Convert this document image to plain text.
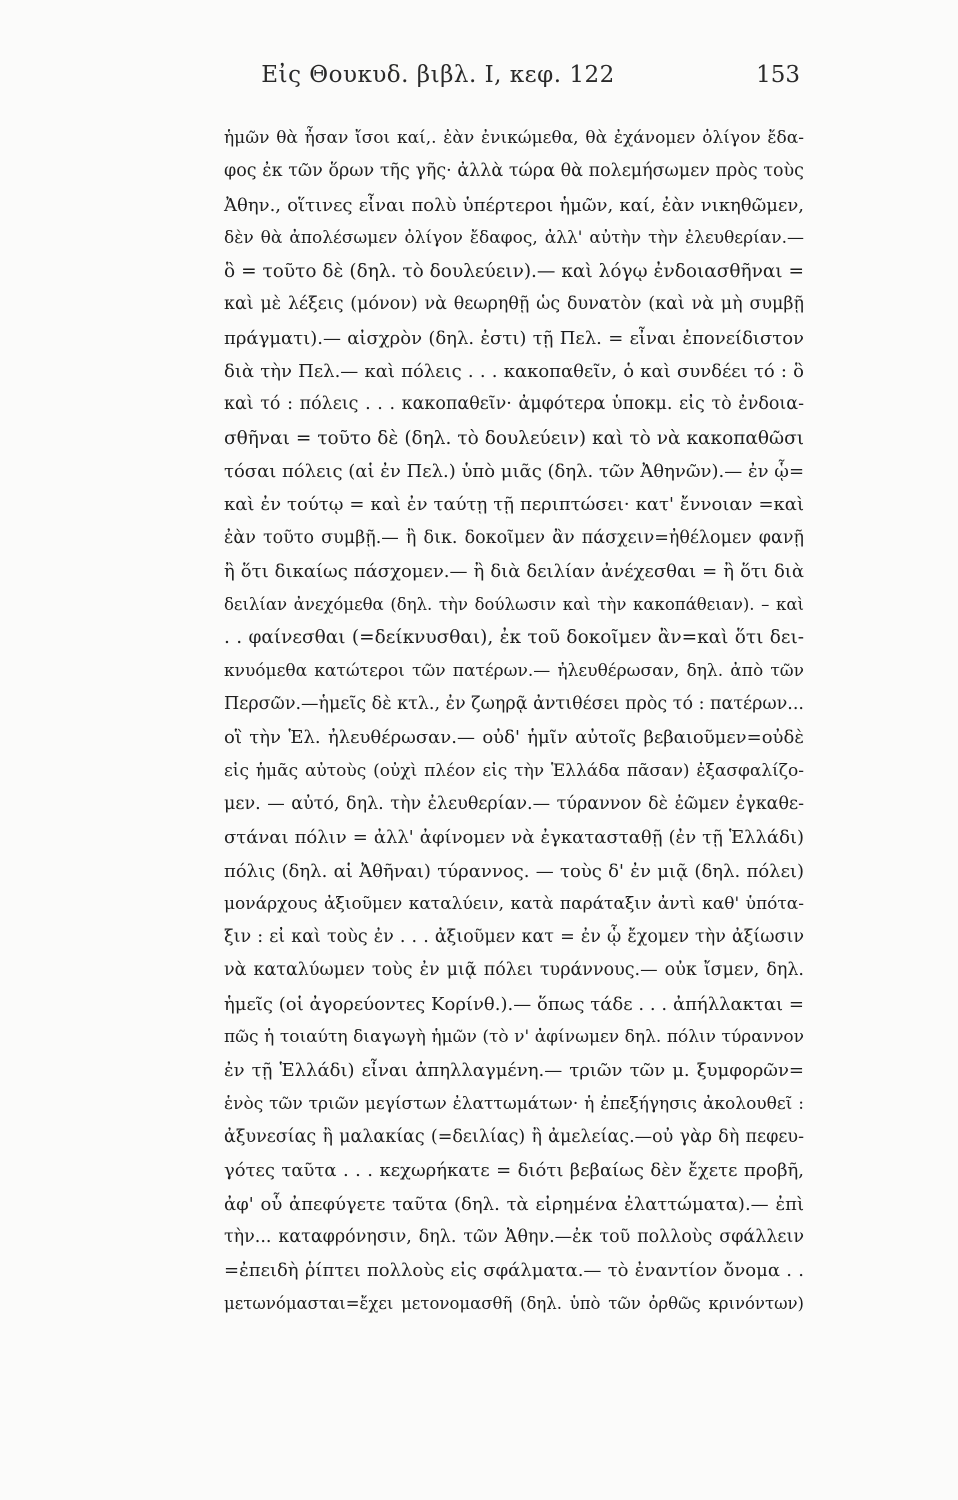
Εἰς Θουκυδ. βιβλ. I, κεφ. 122	153
ἡμῶν θὰ ἦσαν ἴσοι καί,. ἐὰν ἐνικώμεθα, θὰ ἐχάνομεν ὀλίγον ἔδα-
φος ἐκ τῶν ὅρων τῆς γῆς· ἀλλὰ τώρα θὰ πολεμήσωμεν πρὸς τοὺς
Ἀθην., οἵτινες εἶναι πολὺ ὑπέρτεροι ἡμῶν, καί, ἐὰν νικηθῶμεν,
δὲν θὰ ἀπολέσωμεν ὀλίγον ἔδαφος, ἀλλ' αὐτὴν τὴν ἐλευθερίαν.—
ὃ = τοῦτο δὲ (δηλ. τὸ δουλεύειν).— καὶ λόγῳ ἐνδοιασθῆναι =
καὶ μὲ λέξεις (μόνον) νὰ θεωρηθῇ ὡς δυνατὸν (καὶ νὰ μὴ συμβῇ
πράγματι).— αἰσχρὸν (δηλ. ἐστι) τῇ Πελ. = εἶναι ἐπονείδιστον
διὰ τὴν Πελ.— καὶ πόλεις . . . κακοπαθεῖν, ὁ καὶ συνδέει τό : ὃ
καὶ τό : πόλεις . . . κακοπαθεῖν· ἀμφότερα ὑποκμ. εἰς τὸ ἐνδοια-
σθῆναι = τοῦτο δὲ (δηλ. τὸ δουλεύειν) καὶ τὸ νὰ κακοπαθῶσι
τόσαι πόλεις (αἱ ἐν Πελ.) ὑπὸ μιᾶς (δηλ. τῶν Ἀθηνῶν).— ἐν ᾧ=
καὶ ἐν τούτῳ = καὶ ἐν ταύτῃ τῇ περιπτώσει· κατ' ἔννοιαν =καὶ
ἐὰν τοῦτο συμβῇ.— ἢ δικ. δοκοῖμεν ἂν πάσχειν=ἠθέλομεν φανῇ
ἢ ὅτι δικαίως πάσχομεν.— ἢ διὰ δειλίαν ἀνέχεσθαι = ἢ ὅτι διὰ
δειλίαν ἀνεχόμεθα (δηλ. τὴν δούλωσιν καὶ τὴν κακοπάθειαν). – καὶ
. . φαίνεσθαι (=δείκνυσθαι), ἐκ τοῦ δοκοῖμεν ἂν=καὶ ὅτι δει-
κνυόμεθα κατώτεροι τῶν πατέρων.— ἠλευθέρωσαν, δηλ. ἀπὸ τῶν
Περσῶν.—ἡμεῖς δὲ κτλ., ἐν ζωηρᾷ ἀντιθέσει πρὸς τό : πατέρων...
οἳ τὴν Ἑλ. ἠλευθέρωσαν.— οὐδ' ἡμῖν αὐτοῖς βεβαιοῦμεν=οὐδὲ
εἰς ἡμᾶς αὐτοὺς (οὐχὶ πλέον εἰς τὴν Ἑλλάδα πᾶσαν) ἐξασφαλίζο-
μεν. — αὐτό, δηλ. τὴν ἐλευθερίαν.— τύραννον δὲ ἐῶμεν ἐγκαθε-
στάναι πόλιν = ἀλλ' ἀφίνομεν νὰ ἐγκατασταθῇ (ἐν τῇ Ἑλλάδι)
πόλις (δηλ. αἱ Ἀθῆναι) τύραννος. — τοὺς δ' ἐν μιᾷ (δηλ. πόλει)
μονάρχους ἀξιοῦμεν καταλύειν, κατὰ παράταξιν ἀντὶ καθ' ὑπότα-
ξιν : εἰ καὶ τοὺς ἐν . . . ἀξιοῦμεν κατ = ἐν ᾧ ἔχομεν τὴν ἀξίωσιν
νὰ καταλύωμεν τοὺς ἐν μιᾷ πόλει τυράννους.— οὐκ ἴσμεν, δηλ.
ἡμεῖς (οἱ ἀγορεύοντες Κορίνθ.).— ὅπως τάδε . . . ἀπήλλακται =
πῶς ἡ τοιαύτη διαγωγὴ ἡμῶν (τὸ ν' ἀφίνωμεν δηλ. πόλιν τύραννον
ἐν τῇ Ἑλλάδι) εἶναι ἀπηλλαγμένη.— τριῶν τῶν μ. ξυμφορῶν=
ἑνὸς τῶν τριῶν μεγίστων ἐλαττωμάτων· ἡ ἐπεξήγησις ἀκολουθεῖ :
ἀξυνεσίας ἢ μαλακίας (=δειλίας) ἢ ἀμελείας.—οὐ γὰρ δὴ πεφευ-
γότες ταῦτα . . . κεχωρήκατε = διότι βεβαίως δὲν ἔχετε προβῆ,
ἀφ' οὗ ἀπεφύγετε ταῦτα (δηλ. τὰ εἰρημένα ἐλαττώματα).— ἐπὶ
τὴν... καταφρόνησιν, δηλ. τῶν Ἀθην.—ἐκ τοῦ πολλοὺς σφάλλειν
=ἐπειδὴ ῥίπτει πολλοὺς εἰς σφάλματα.— τὸ ἐναντίον ὄνομα . .
μετωνόμασται=ἔχει μετονομασθῆ (δηλ. ὑπὸ τῶν ὀρθῶς κρινόντων)
